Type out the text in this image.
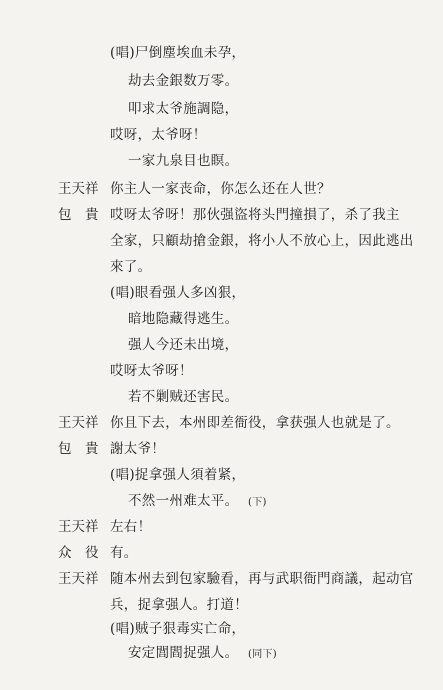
(唱)尸倒塵埃血未孕，
劫去金銀数万零。
叩求太爷施調隐，
哎呀，太爷呀！
一家九泉目也瞑。
王天祥 你主人一家丧命，你怎么还在人世？
包　貴 哎呀太爷呀！那伙强盜将头門撞損了，杀了我主
全家，只顧劫搶金銀，将小人不放心上，因此逃出
來了。
(唱)眼看强人多凶狠，
暗地隐藏得逃生。
强人今还未出境，
哎呀太爷呀！
若不剿贼还害民。
王天祥 你且下去，本州即差衙役，拿获强人也就是了。
包　貴 謝太爷！
(唱)捉拿强人須着紧，
不然一州难太平。 (下)
王天祥 左右！
众　役 有。
王天祥 随本州去到包家驗看，再与武职衙門商議，起动官
兵，捉拿强人。打道！
(唱)贼子狠毒实亡命，
安定閭閻捉强人。 (同下)
